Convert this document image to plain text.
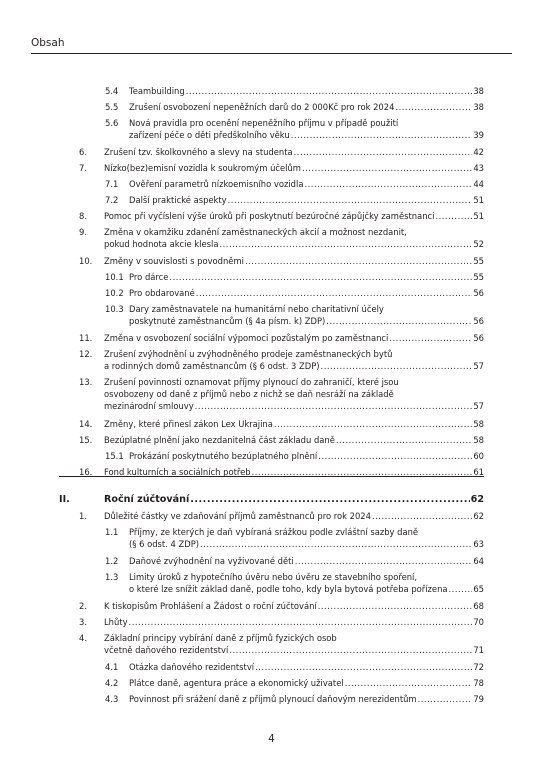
Obsah
5.4 Teambuilding .....	38
5.5 Zrušení osvobození nepeněžních darů do 2 000Kč pro rok 2024 .....	38
5.6 Nová pravidla pro ocenění nepeněžního příjmu v případě použití
zařízení péče o děti předškolního věku .....	39
6. Zrušení tzv. školkovného a slevy na studenta .....	42
7. Nízko(bez)emisní vozidla k soukromým účelům .....	43
7.1 Ověření parametrů nízkoemisního vozidla .....	44
7.2 Další praktické aspekty .....	51
8. Pomoc při vyčíslení výše úroků při poskytnutí bezúročné zápůjčky zaměstnanci .....	51
9. Změna v okamžiku zdanění zaměstnaneckých akcií a možnost nezdanit,
pokud hodnota akcie klesla .....	52
10. Změny v souvislosti s povodněmi .....	55
10.1 Pro dárce .....	55
10.2 Pro obdarované .....	56
10.3 Dary zaměstnavatele na humanitární nebo charitativní účely
poskytnuté zaměstnancům (§ 4a písm. k) ZDP) .....	56
11. Změna v osvobození sociální výpomoci pozůstalým po zaměstnanci .....	56
12. Zrušení zvýhodnění u zvýhodněného prodeje zaměstnaneckých bytů
a rodinných domů zaměstnancům (§ 6 odst. 3 ZDP) .....	57
13. Zrušení povinnosti oznamovat příjmy plynoucí do zahraničí, které jsou
osvobozeny od daně z příjmů nebo z nichž se daň nesráží na základě
mezinárodní smlouvy .....	57
14. Změny, které přinesl zákon Lex Ukrajina .....	58
15. Bezúplatné plnění jako nezdanitelná část základu daně .....	58
15.1 Prokázání poskytnutého bezúplatného plnění .....	60
16. Fond kulturních a sociálních potřeb .....	61
II.	Roční zúčtování .....	62
1. Důležité částky ve zdaňování příjmů zaměstnanců pro rok 2024 .....	62
1.1 Příjmy, ze kterých je daň vybíraná srážkou podle zvláštní sazby daně
(§ 6 odst. 4 ZDP) .....	63
1.2 Daňové zvýhodnění na vyživované děti .....	64
1.3 Limity úroků z hypotečního úvěru nebo úvěru ze stavebního spoření,
o které lze snížit základ daně, podle toho, kdy byla bytová potřeba pořízena .....	65
2. K tiskopisům Prohlášení a Žádost o roční zúčtování .....	68
3. Lhůty .....	70
4. Základní principy vybírání daně z příjmů fyzických osob
včetně daňového rezidentství .....	71
4.1 Otázka daňového rezidentství .....	72
4.2 Plátce daně, agentura práce a ekonomický uživatel .....	78
4.3 Povinnost při srážení daně z příjmů plynoucí daňovým nerezidentům .....	79
4
